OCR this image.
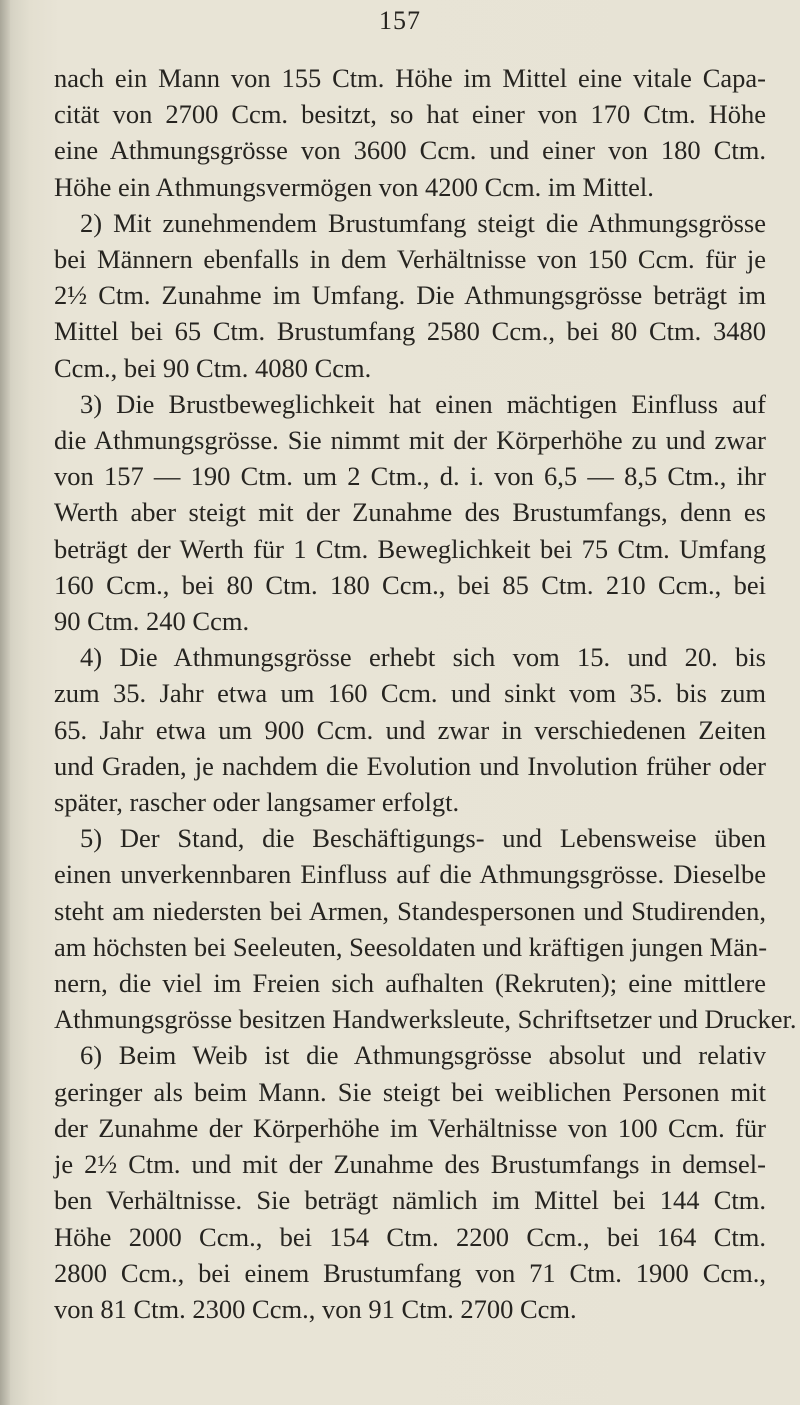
157
nach ein Mann von 155 Ctm. Höhe im Mittel eine vitale Capa-
cität von 2700 Ccm. besitzt, so hat einer von 170 Ctm. Höhe
eine Athmungsgrösse von 3600 Ccm. und einer von 180 Ctm.
Höhe ein Athmungsvermögen von 4200 Ccm. im Mittel.
2) Mit zunehmendem Brustumfang steigt die Athmungsgrösse
bei Männern ebenfalls in dem Verhältnisse von 150 Ccm. für je
2½ Ctm. Zunahme im Umfang. Die Athmungsgrösse beträgt im
Mittel bei 65 Ctm. Brustumfang 2580 Ccm., bei 80 Ctm. 3480
Ccm., bei 90 Ctm. 4080 Ccm.
3) Die Brustbeweglichkeit hat einen mächtigen Einfluss auf
die Athmungsgrösse. Sie nimmt mit der Körperhöhe zu und zwar
von 157 — 190 Ctm. um 2 Ctm., d. i. von 6,5 — 8,5 Ctm., ihr
Werth aber steigt mit der Zunahme des Brustumfangs, denn es
beträgt der Werth für 1 Ctm. Beweglichkeit bei 75 Ctm. Umfang
160 Ccm., bei 80 Ctm. 180 Ccm., bei 85 Ctm. 210 Ccm., bei
90 Ctm. 240 Ccm.
4) Die Athmungsgrösse erhebt sich vom 15. und 20. bis
zum 35. Jahr etwa um 160 Ccm. und sinkt vom 35. bis zum
65. Jahr etwa um 900 Ccm. und zwar in verschiedenen Zeiten
und Graden, je nachdem die Evolution und Involution früher oder
später, rascher oder langsamer erfolgt.
5) Der Stand, die Beschäftigungs- und Lebensweise üben
einen unverkennbaren Einfluss auf die Athmungsgrösse. Dieselbe
steht am niedersten bei Armen, Standespersonen und Studirenden,
am höchsten bei Seeleuten, Seesoldaten und kräftigen jungen Män-
nern, die viel im Freien sich aufhalten (Rekruten); eine mittlere
Athmungsgrösse besitzen Handwerksleute, Schriftsetzer und Drucker.
6) Beim Weib ist die Athmungsgrösse absolut und relativ
geringer als beim Mann. Sie steigt bei weiblichen Personen mit
der Zunahme der Körperhöhe im Verhältnisse von 100 Ccm. für
je 2½ Ctm. und mit der Zunahme des Brustumfangs in demsel-
ben Verhältnisse. Sie beträgt nämlich im Mittel bei 144 Ctm.
Höhe 2000 Ccm., bei 154 Ctm. 2200 Ccm., bei 164 Ctm.
2800 Ccm., bei einem Brustumfang von 71 Ctm. 1900 Ccm.,
von 81 Ctm. 2300 Ccm., von 91 Ctm. 2700 Ccm.
